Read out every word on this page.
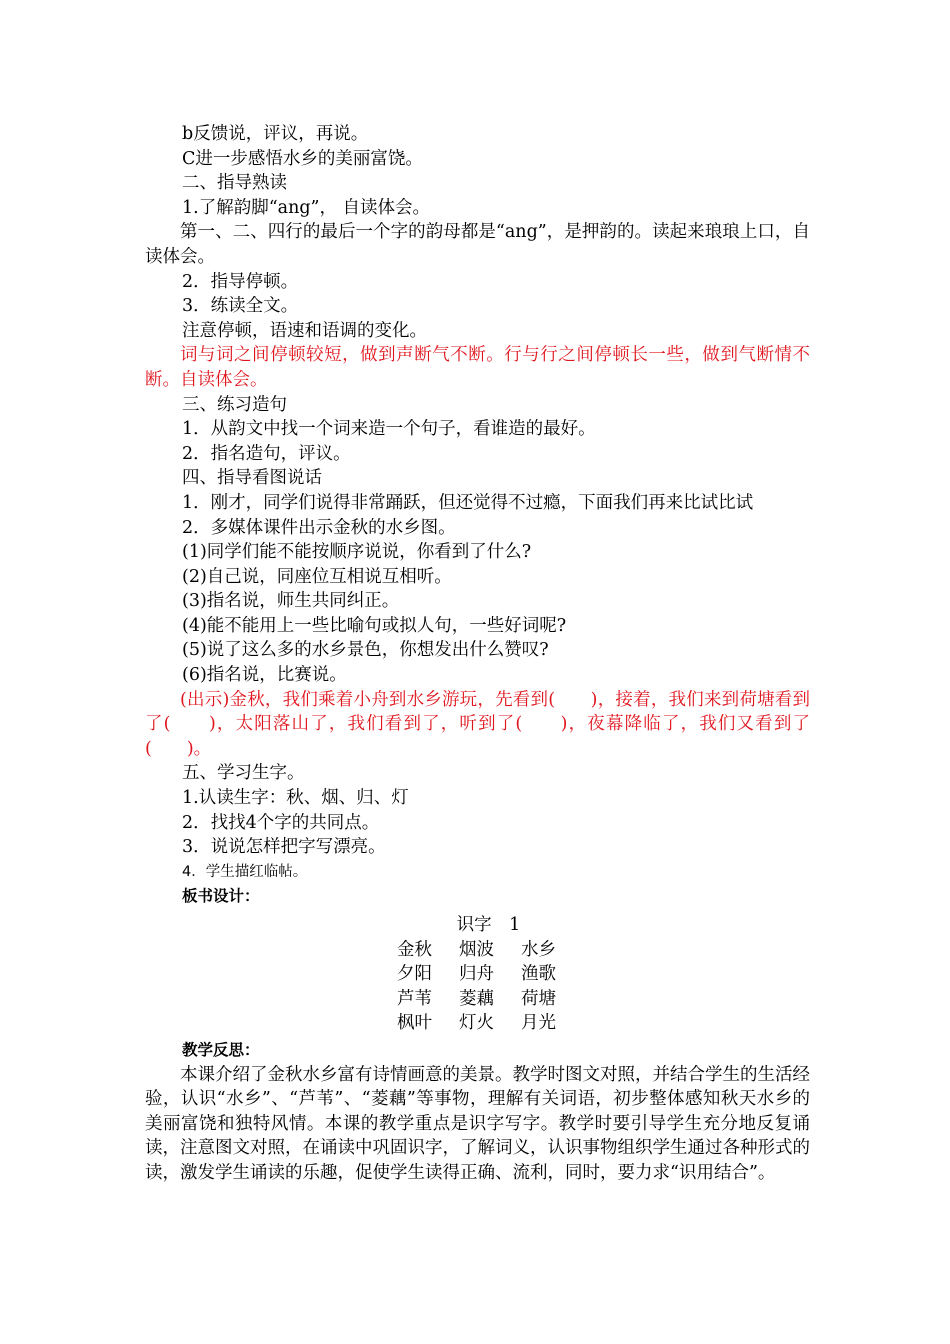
b反馈说，评议，再说。
C进一步感悟水乡的美丽富饶。
二、指导熟读
1.了解韵脚“ang”， 自读体会。
第一、二、四行的最后一个字的韵母都是“ang”，是押韵的。读起来琅琅上口，自读体会。
2．指导停顿。
3．练读全文。
注意停顿，语速和语调的变化。
词与词之间停顿较短，做到声断气不断。行与行之间停顿长一些，做到气断情不断。自读体会。
三、练习造句
1．从韵文中找一个词来造一个句子，看谁造的最好。
2．指名造句，评议。
四、指导看图说话
1．刚才，同学们说得非常踊跃，但还觉得不过瘾，下面我们再来比试比试
2．多媒体课件出示金秋的水乡图。
(1)同学们能不能按顺序说说，你看到了什么?
(2)自己说，同座位互相说互相听。
(3)指名说，师生共同纠正。
(4)能不能用上一些比喻句或拟人句，一些好词呢?
(5)说了这么多的水乡景色，你想发出什么赞叹?
(6)指名说，比赛说。
(出示)金秋，我们乘着小舟到水乡游玩，先看到(　　)，接着，我们来到荷塘看到了(　　)，太阳落山了，我们看到了，听到了(　　)，夜幕降临了，我们又看到了(　　)。
五、学习生字。
1.认读生字：秋、烟、归、灯
2．找找4个字的共同点。
3．说说怎样把字写漂亮。
4．学生描红临帖。
板书设计：
识字　1
金秋	烟波	水乡
夕阳	归舟	渔歌
芦苇	菱藕	荷塘
枫叶	灯火	月光
教学反思：
本课介绍了金秋水乡富有诗情画意的美景。教学时图文对照，并结合学生的生活经验，认识“水乡”、“芦苇”、“菱藕”等事物，理解有关词语，初步整体感知秋天水乡的美丽富饶和独特风情。本课的教学重点是识字写字。教学时要引导学生充分地反复诵读，注意图文对照，在诵读中巩固识字，了解词义，认识事物组织学生通过各种形式的读，激发学生诵读的乐趣，促使学生读得正确、流利，同时，要力求“识用结合”。
